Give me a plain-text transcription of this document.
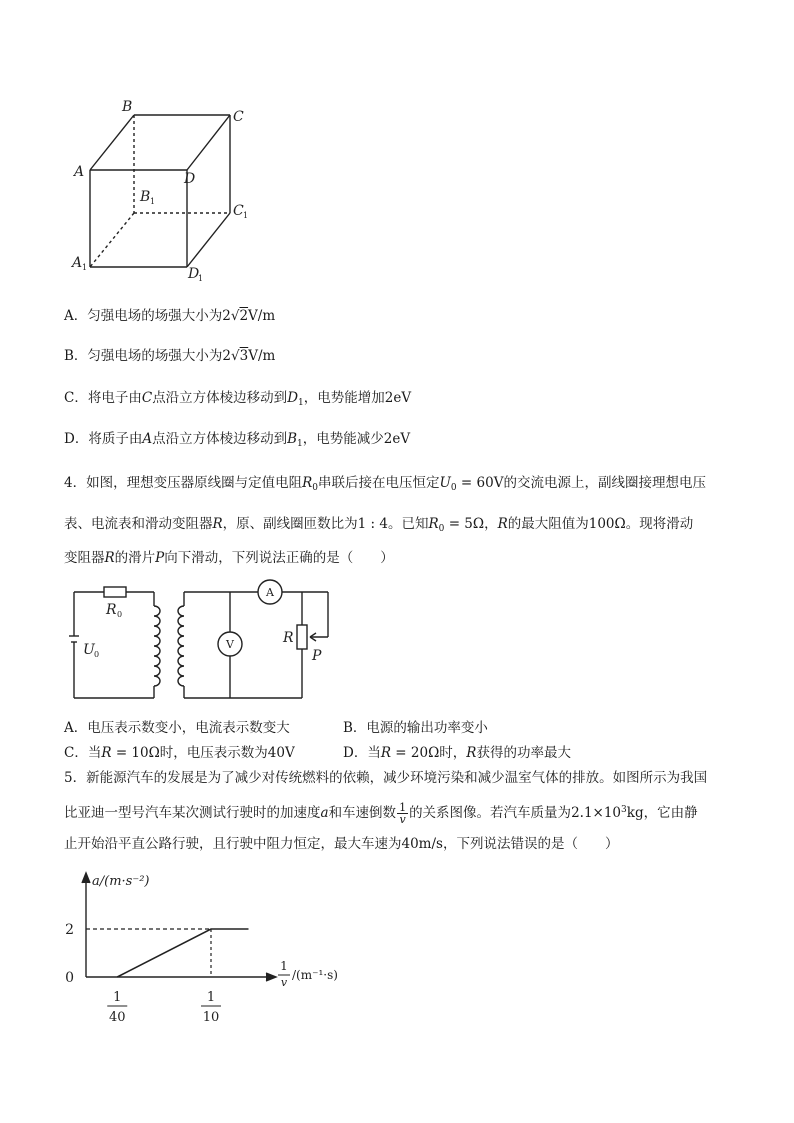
B
C
A	D
B
C
A
D
1
1
1
1
A．匀强电场的场强大小为2√2V/m
B．匀强电场的场强大小为2√3V/m
C．将电子由C点沿立方体棱边移动到$D_1$，电势能增加2eV
D．将质子由A点沿立方体棱边移动到$B_1$，电势能减少2eV
4．如图，理想变压器原线圈与定值电阻$R_0$串联后接在电压恒定$U_0 = 60V$的交流电源上，副线圈接理想电压
表、电流表和滑动变阻器R，原、副线圈匝数比为1 : 4。已知$R_0 = 5\Omega$，R的最大阻值为100Ω。现将滑动
变阻器R的滑片P向下滑动，下列说法正确的是（　　）
R
U
R
P
0
0
V
A
A．电压表示数变小，电流表示数变大	B．电源的输出功率变小
C．当R = 10Ω时，电压表示数为40V	D．当R = 20Ω时，R获得的功率最大
5．新能源汽车的发展是为了减少对传统燃料的依赖，减少环境污染和减少温室气体的排放。如图所示为我国
比亚迪一型号汽车某次测试行驶时的加速度a和车速倒数 $\frac{1}{v}$ 的关系图像。若汽车质量为$2.1\times 10^3kg$，它由静
止开始沿平直公路行驶，且行驶中阻力恒定，最大车速为40m/s，下列说法错误的是（　　）
a/(m·s⁻²)
2
0
1
40
1
10
1
v
/(m⁻¹·s)
